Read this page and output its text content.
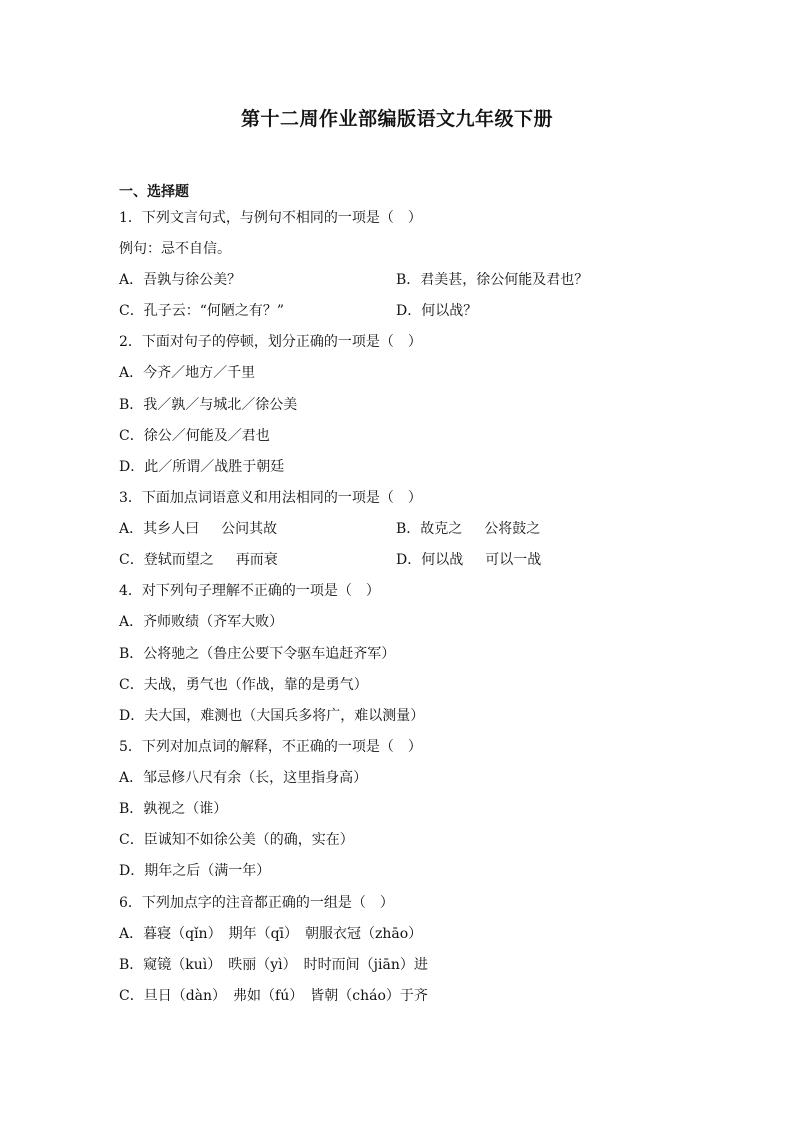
第十二周作业部编版语文九年级下册
一、选择题
1．下列文言句式，与例句不相同的一项是（　）
例句：忌不自信。
A．吾孰与徐公美？	B．君美甚，徐公何能及君也？
C．孔子云：“何陋之有？”	D．何以战？
2．下面对句子的停顿，划分正确的一项是（　）
A．今齐／地方／千里
B．我／孰／与城北／徐公美
C．徐公／何能及／君也
D．此／所谓／战胜于朝廷
3．下面加点词语意义和用法相同的一项是（　）
A．其乡人曰 公问其故	B．故克之 公将鼓之
C．登轼而望之 再而衰	D．何以战 可以一战
4．对下列句子理解不正确的一项是（　）
A．齐师败绩（齐军大败）
B．公将驰之（鲁庄公要下令驱车追赶齐军）
C．夫战，勇气也（作战，靠的是勇气）
D．夫大国，难测也（大国兵多将广，难以测量）
5．下列对加点词的解释，不正确的一项是（　）
A．邹忌修八尺有余（长，这里指身高）
B．孰视之（谁）
C．臣诚知不如徐公美（的确，实在）
D．期年之后（满一年）
6．下列加点字的注音都正确的一组是（　）
A．暮寝（qǐn）　期年（qī）　朝服衣冠（zhāo）
B．窥镜（kuì）　昳丽（yì）　时时而间（jiān）进
C．旦日（dàn）　弗如（fú）　皆朝（cháo）于齐
